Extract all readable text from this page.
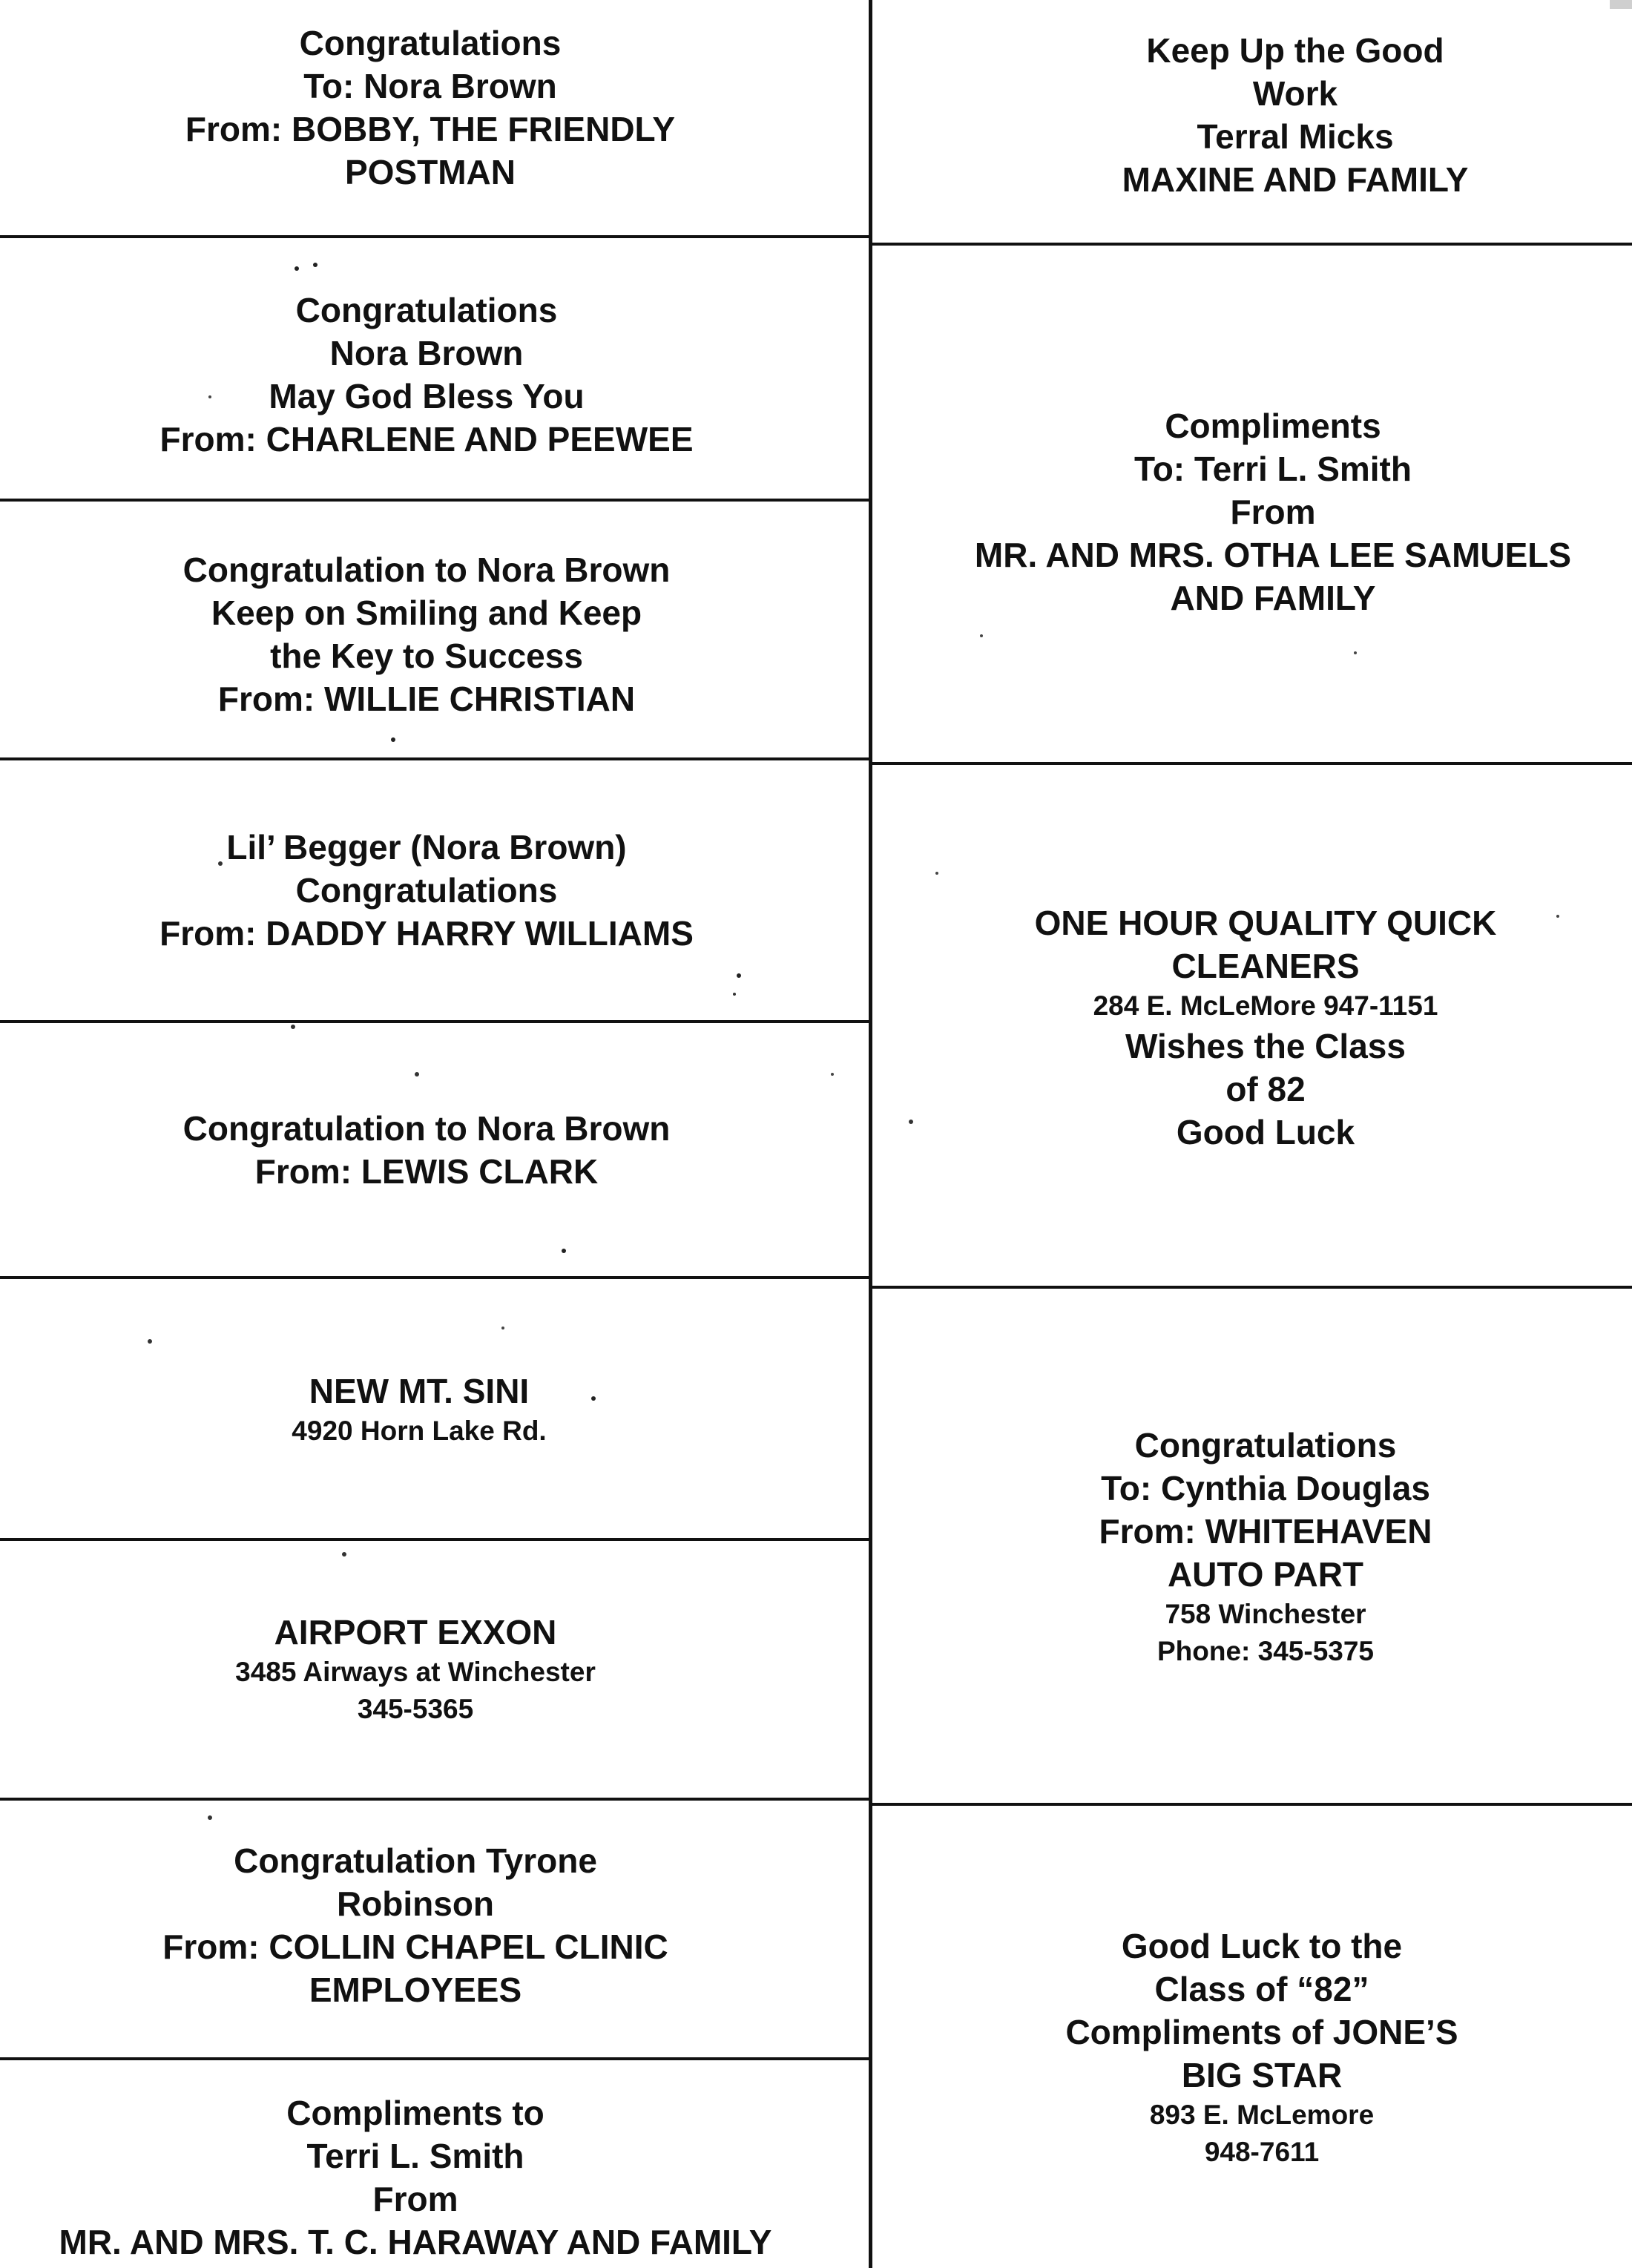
Congratulations
To: Nora Brown
From: BOBBY, THE FRIENDLY
POSTMAN
Congratulations
Nora Brown
May God Bless You
From: CHARLENE AND PEEWEE
Congratulation to Nora Brown
Keep on Smiling and Keep
the Key to Success
From: WILLIE CHRISTIAN
Lil’ Begger (Nora Brown)
Congratulations
From: DADDY HARRY WILLIAMS
Congratulation to Nora Brown
From: LEWIS CLARK
NEW MT. SINI
4920 Horn Lake Rd.
AIRPORT EXXON
3485 Airways at Winchester
345-5365
Congratulation Tyrone
Robinson
From: COLLIN CHAPEL CLINIC
EMPLOYEES
Compliments to
Terri L. Smith
From
MR. AND MRS. T. C. HARAWAY AND FAMILY
Keep Up the Good
Work
Terral Micks
MAXINE AND FAMILY
Compliments
To: Terri L. Smith
From
MR. AND MRS. OTHA LEE SAMUELS
AND FAMILY
ONE HOUR QUALITY QUICK
CLEANERS
284 E. McLeMore 947-1151
Wishes the Class
of 82
Good Luck
Congratulations
To: Cynthia Douglas
From: WHITEHAVEN
AUTO PART
758 Winchester
Phone: 345-5375
Good Luck to the
Class of “82”
Compliments of JONE’S
BIG STAR
893 E. McLemore
948-7611
